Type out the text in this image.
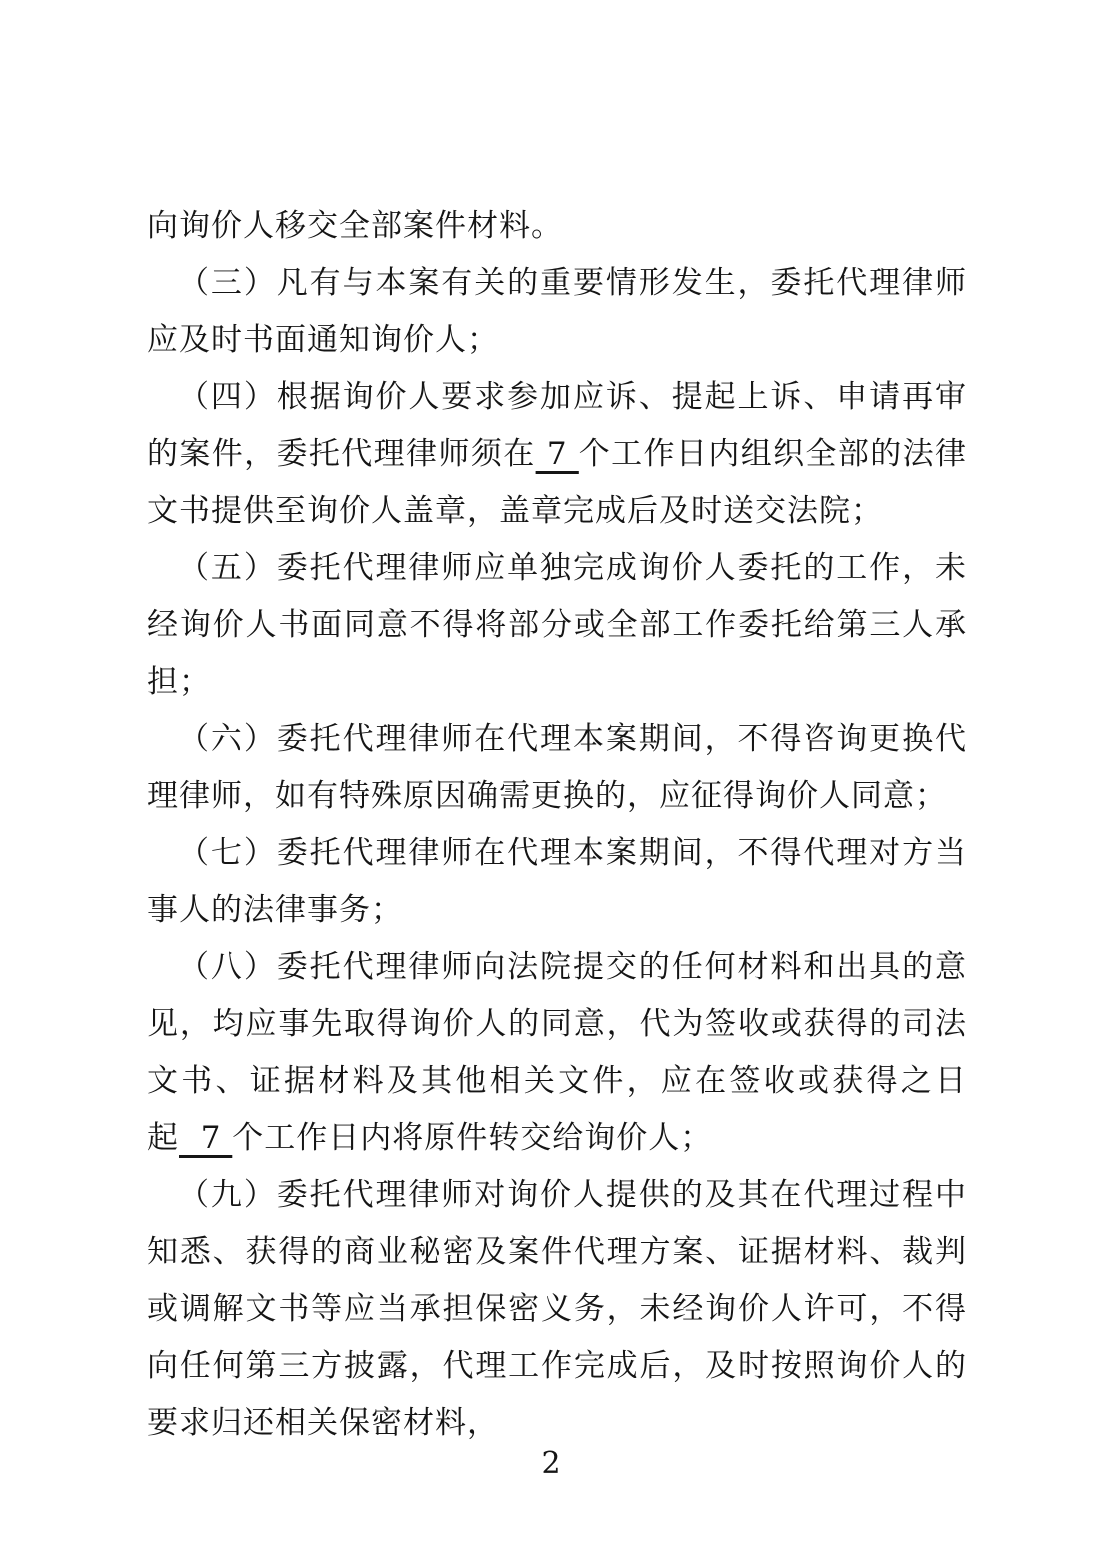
向询价人移交全部案件材料。

（三）凡有与本案有关的重要情形发生，委托代理律师应及时书面通知询价人；

（四）根据询价人要求参加应诉、提起上诉、申请再审的案件，委托代理律师须在 7 个工作日内组织全部的法律文书提供至询价人盖章，盖章完成后及时送交法院；

（五）委托代理律师应单独完成询价人委托的工作，未经询价人书面同意不得将部分或全部工作委托给第三人承担；

（六）委托代理律师在代理本案期间，不得咨询更换代理律师，如有特殊原因确需更换的，应征得询价人同意；

（七）委托代理律师在代理本案期间，不得代理对方当事人的法律事务；

（八）委托代理律师向法院提交的任何材料和出具的意见，均应事先取得询价人的同意，代为签收或获得的司法文书、证据材料及其他相关文件，应在签收或获得之日起  7 个工作日内将原件转交给询价人；

（九）委托代理律师对询价人提供的及其在代理过程中知悉、获得的商业秘密及案件代理方案、证据材料、裁判或调解文书等应当承担保密义务，未经询价人许可，不得向任何第三方披露，代理工作完成后，及时按照询价人的要求归还相关保密材料，

2
